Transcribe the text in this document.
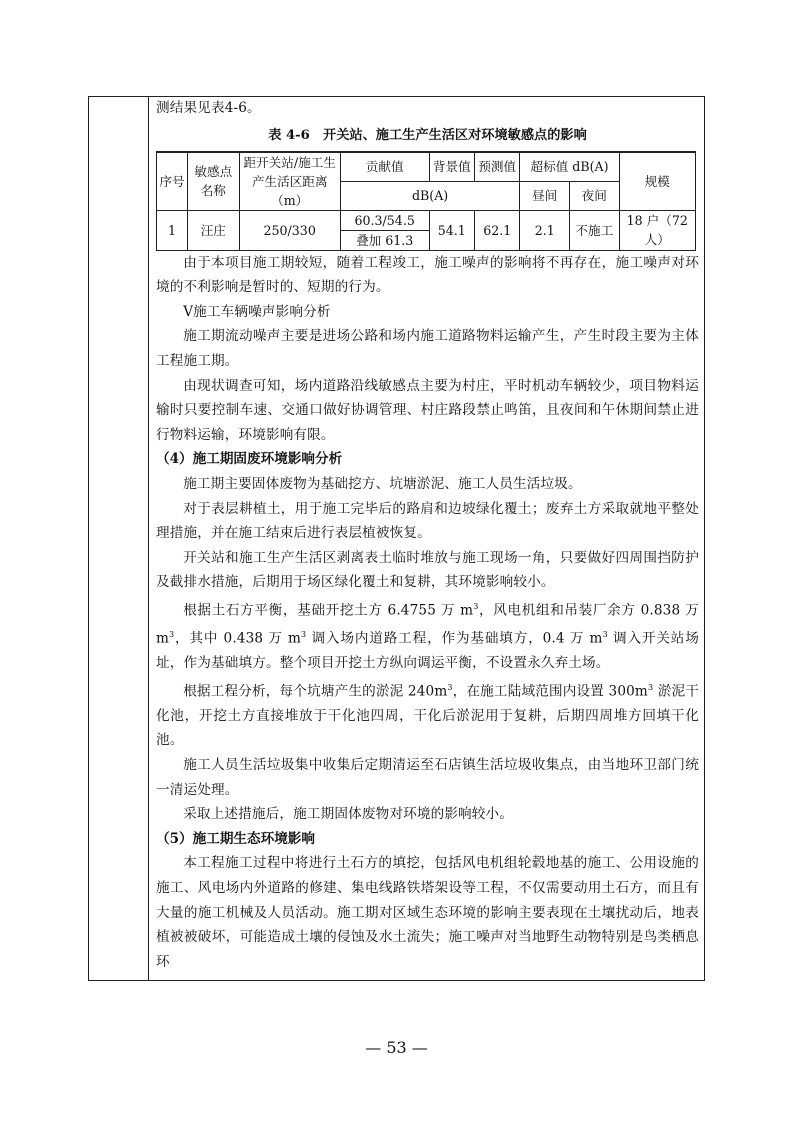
测结果见表4-6。

表 4-6　开关站、施工生产生活区对环境敏感点的影响
序号	敏感点名称	距开关站/施工生产生活区距离（m）	贡献值	背景值	预测值	超标值 dB(A)		规模
			dB(A)			昼间	夜间	
1	汪庄	250/330	60.3/54.5	54.1	62.1	2.1	不施工	18 户（72 人）
			叠加 61.3					

由于本项目施工期较短，随着工程竣工，施工噪声的影响将不再存在，施工噪声对环境的不利影响是暂时的、短期的行为。

V施工车辆噪声影响分析

施工期流动噪声主要是进场公路和场内施工道路物料运输产生，产生时段主要为主体工程施工期。

由现状调查可知，场内道路沿线敏感点主要为村庄，平时机动车辆较少，项目物料运输时只要控制车速、交通口做好协调管理、村庄路段禁止鸣笛，且夜间和午休期间禁止进行物料运输，环境影响有限。

（4）施工期固废环境影响分析

施工期主要固体废物为基础挖方、坑塘淤泥、施工人员生活垃圾。

对于表层耕植土，用于施工完毕后的路肩和边坡绿化覆土；废弃土方采取就地平整处理措施，并在施工结束后进行表层植被恢复。

开关站和施工生产生活区剥离表土临时堆放与施工现场一角，只要做好四周围挡防护及截排水措施，后期用于场区绿化覆土和复耕，其环境影响较小。

根据土石方平衡，基础开挖土方 6.4755 万 $m^3$，风电机组和吊装厂余方 0.838 万 $m^3$，其中 0.438 万 $m^3$ 调入场内道路工程，作为基础填方，0.4 万 $m^3$ 调入开关站场址，作为基础填方。整个项目开挖土方纵向调运平衡，不设置永久弃土场。

根据工程分析，每个坑塘产生的淤泥 $240m^3$，在施工陆域范围内设置 $300m^3$ 淤泥干化池，开挖土方直接堆放于干化池四周，干化后淤泥用于复耕，后期四周堆方回填干化池。

施工人员生活垃圾集中收集后定期清运至石店镇生活垃圾收集点，由当地环卫部门统一清运处理。

采取上述措施后，施工期固体废物对环境的影响较小。

（5）施工期生态环境影响

本工程施工过程中将进行土石方的填挖，包括风电机组轮毂地基的施工、公用设施的施工、风电场内外道路的修建、集电线路铁塔架设等工程，不仅需要动用土石方，而且有大量的施工机械及人员活动。施工期对区域生态环境的影响主要表现在土壤扰动后，地表植被被破坏，可能造成土壤的侵蚀及水土流失；施工噪声对当地野生动物特别是鸟类栖息环

— 53 —
